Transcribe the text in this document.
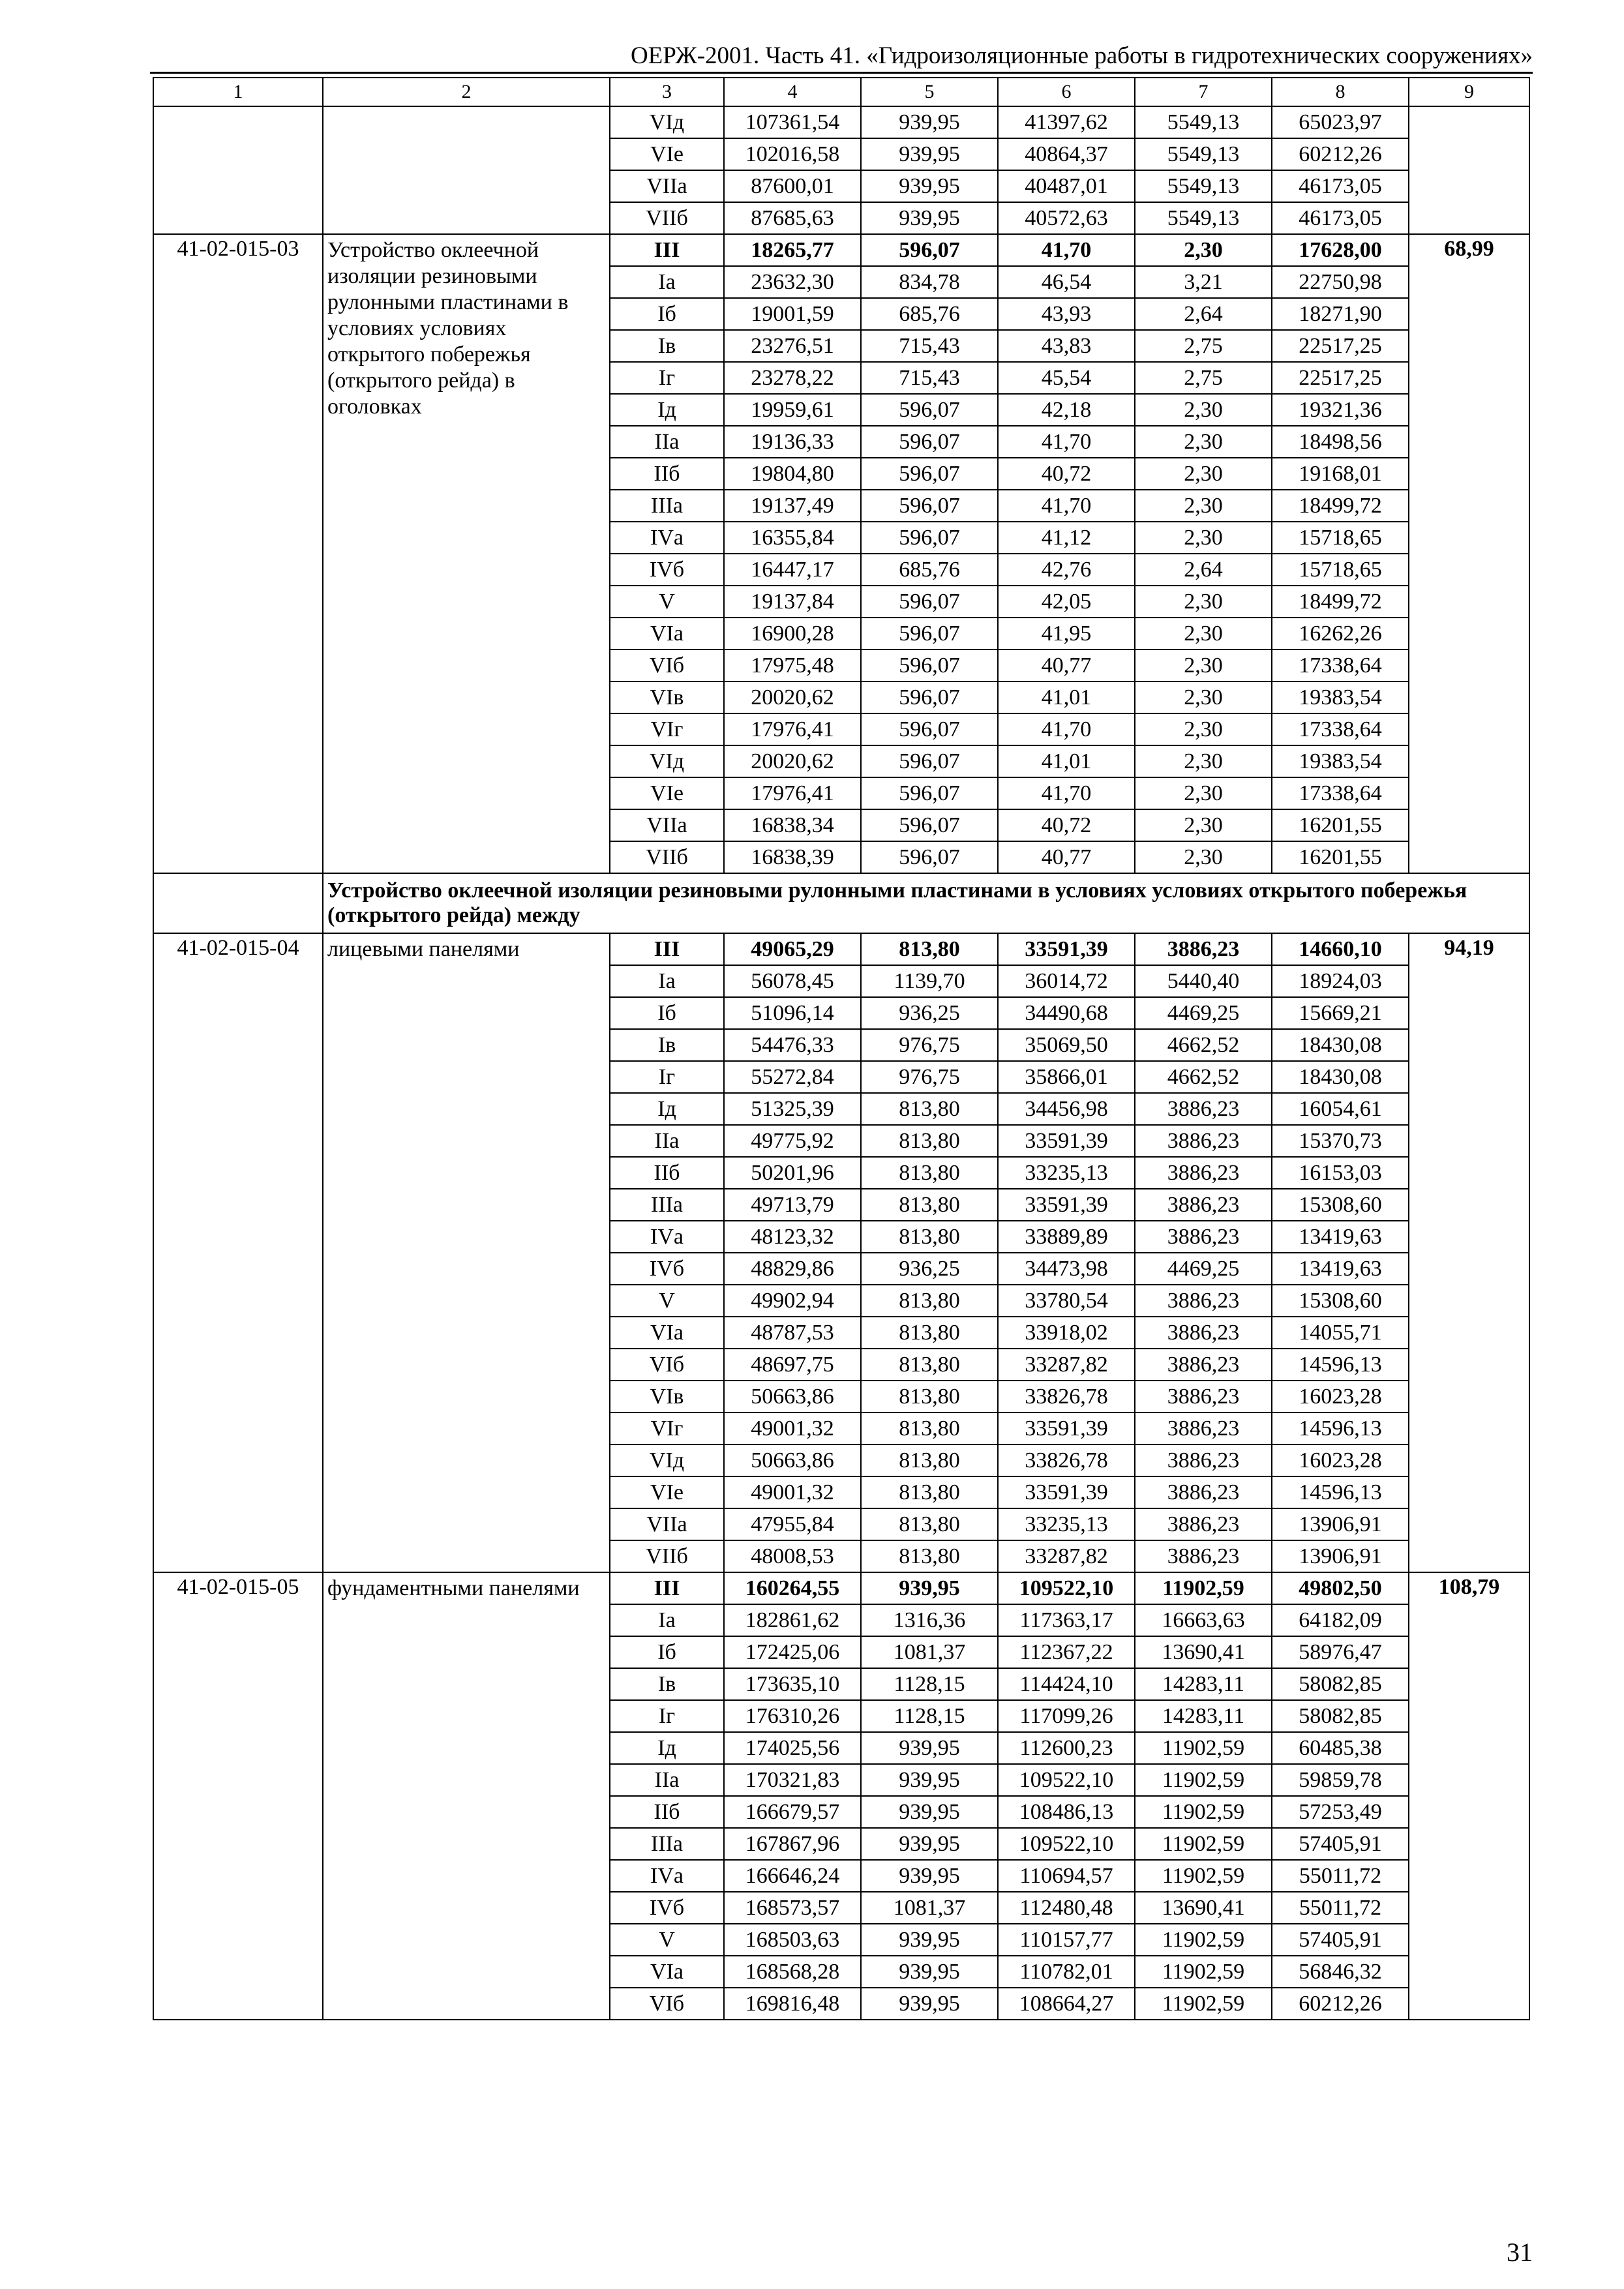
ОЕРЖ-2001. Часть 41. «Гидроизоляционные работы в гидротехнических сооружениях»
1	2	3	4	5	6	7	8	9
		VIд	107361,54	939,95	41397,62	5549,13	65023,97	
		VIе	102016,58	939,95	40864,37	5549,13	60212,26	
		VIIа	87600,01	939,95	40487,01	5549,13	46173,05	
		VIIб	87685,63	939,95	40572,63	5549,13	46173,05	
41-02-015-03	Устройство оклеечной изоляции резиновыми рулонными пластинами в условиях условиях открытого побережья (открытого рейда) в оголовках	III	18265,77	596,07	41,70	2,30	17628,00	68,99
		Iа	23632,30	834,78	46,54	3,21	22750,98	
		Iб	19001,59	685,76	43,93	2,64	18271,90	
		Iв	23276,51	715,43	43,83	2,75	22517,25	
		Iг	23278,22	715,43	45,54	2,75	22517,25	
		Iд	19959,61	596,07	42,18	2,30	19321,36	
		IIа	19136,33	596,07	41,70	2,30	18498,56	
		IIб	19804,80	596,07	40,72	2,30	19168,01	
		IIIа	19137,49	596,07	41,70	2,30	18499,72	
		IVа	16355,84	596,07	41,12	2,30	15718,65	
		IVб	16447,17	685,76	42,76	2,64	15718,65	
		V	19137,84	596,07	42,05	2,30	18499,72	
		VIа	16900,28	596,07	41,95	2,30	16262,26	
		VIб	17975,48	596,07	40,77	2,30	17338,64	
		VIв	20020,62	596,07	41,01	2,30	19383,54	
		VIг	17976,41	596,07	41,70	2,30	17338,64	
		VIд	20020,62	596,07	41,01	2,30	19383,54	
		VIе	17976,41	596,07	41,70	2,30	17338,64	
		VIIа	16838,34	596,07	40,72	2,30	16201,55	
		VIIб	16838,39	596,07	40,77	2,30	16201,55	
	Устройство оклеечной изоляции резиновыми рулонными пластинами в условиях условиях открытого побережья (открытого рейда) между							
41-02-015-04	лицевыми панелями	III	49065,29	813,80	33591,39	3886,23	14660,10	94,19
		Iа	56078,45	1139,70	36014,72	5440,40	18924,03	
		Iб	51096,14	936,25	34490,68	4469,25	15669,21	
		Iв	54476,33	976,75	35069,50	4662,52	18430,08	
		Iг	55272,84	976,75	35866,01	4662,52	18430,08	
		Iд	51325,39	813,80	34456,98	3886,23	16054,61	
		IIа	49775,92	813,80	33591,39	3886,23	15370,73	
		IIб	50201,96	813,80	33235,13	3886,23	16153,03	
		IIIа	49713,79	813,80	33591,39	3886,23	15308,60	
		IVа	48123,32	813,80	33889,89	3886,23	13419,63	
		IVб	48829,86	936,25	34473,98	4469,25	13419,63	
		V	49902,94	813,80	33780,54	3886,23	15308,60	
		VIа	48787,53	813,80	33918,02	3886,23	14055,71	
		VIб	48697,75	813,80	33287,82	3886,23	14596,13	
		VIв	50663,86	813,80	33826,78	3886,23	16023,28	
		VIг	49001,32	813,80	33591,39	3886,23	14596,13	
		VIд	50663,86	813,80	33826,78	3886,23	16023,28	
		VIе	49001,32	813,80	33591,39	3886,23	14596,13	
		VIIа	47955,84	813,80	33235,13	3886,23	13906,91	
		VIIб	48008,53	813,80	33287,82	3886,23	13906,91	
41-02-015-05	фундаментными панелями	III	160264,55	939,95	109522,10	11902,59	49802,50	108,79
		Iа	182861,62	1316,36	117363,17	16663,63	64182,09	
		Iб	172425,06	1081,37	112367,22	13690,41	58976,47	
		Iв	173635,10	1128,15	114424,10	14283,11	58082,85	
		Iг	176310,26	1128,15	117099,26	14283,11	58082,85	
		Iд	174025,56	939,95	112600,23	11902,59	60485,38	
		IIа	170321,83	939,95	109522,10	11902,59	59859,78	
		IIб	166679,57	939,95	108486,13	11902,59	57253,49	
		IIIа	167867,96	939,95	109522,10	11902,59	57405,91	
		IVа	166646,24	939,95	110694,57	11902,59	55011,72	
		IVб	168573,57	1081,37	112480,48	13690,41	55011,72	
		V	168503,63	939,95	110157,77	11902,59	57405,91	
		VIа	168568,28	939,95	110782,01	11902,59	56846,32	
		VIб	169816,48	939,95	108664,27	11902,59	60212,26	
31
